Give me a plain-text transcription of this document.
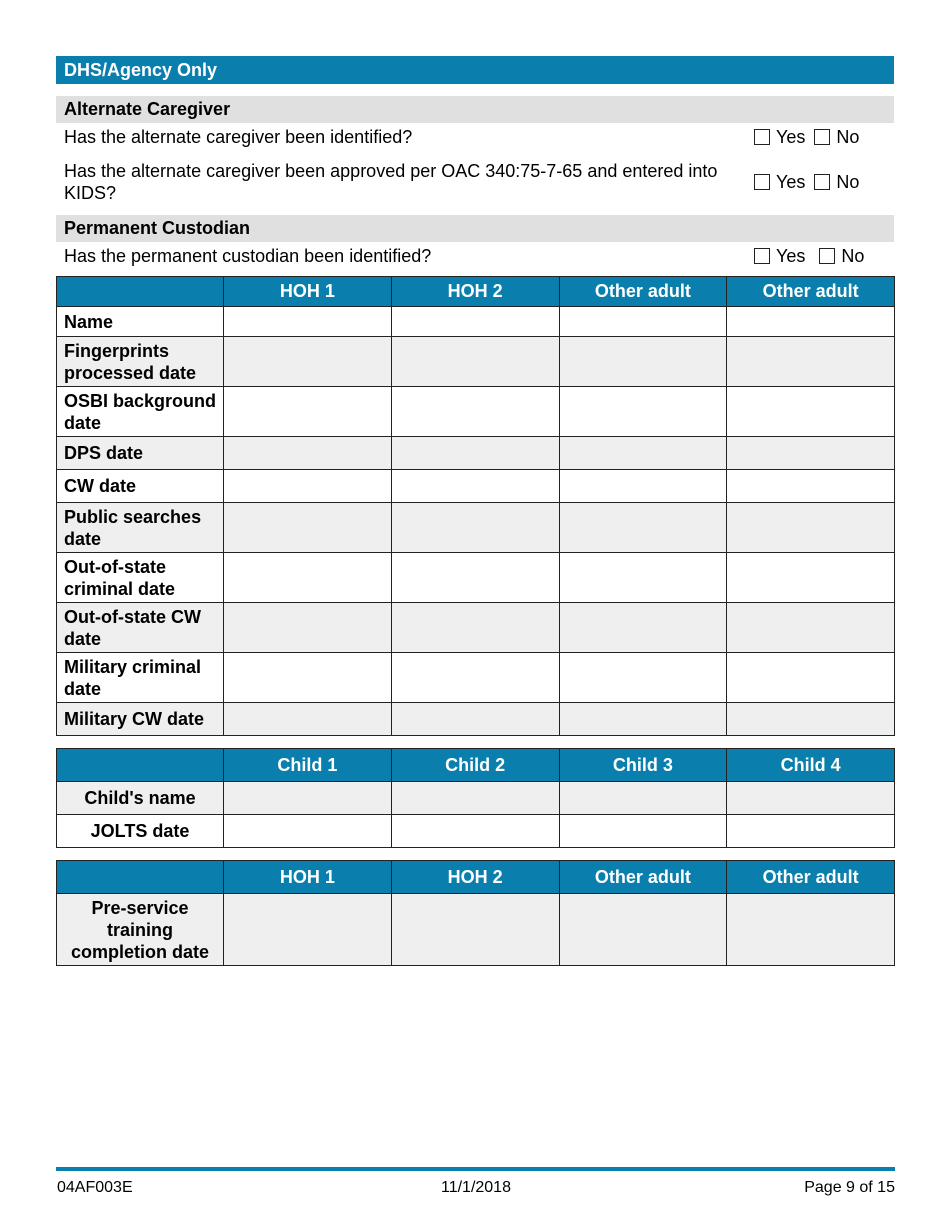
DHS/Agency Only
Alternate Caregiver
Has the alternate caregiver been identified?	Yes No
Has the alternate caregiver been approved per OAC 340:75-7-65 and entered into KIDS?
Yes No
Permanent Custodian
Has the permanent custodian been identified?	Yes No
	HOH 1	HOH 2	Other adult	Other adult
Name				
Fingerprints processed date				
OSBI background date				
DPS date				
CW date				
Public searches date				
Out-of-state criminal date				
Out-of-state CW date				
Military criminal date				
Military CW date				
	Child 1	Child 2	Child 3	Child 4
Child's name				
JOLTS date				
	HOH 1	HOH 2	Other adult	Other adult
Pre-service training completion date				
04AF003E	11/1/2018	Page 9 of 15
